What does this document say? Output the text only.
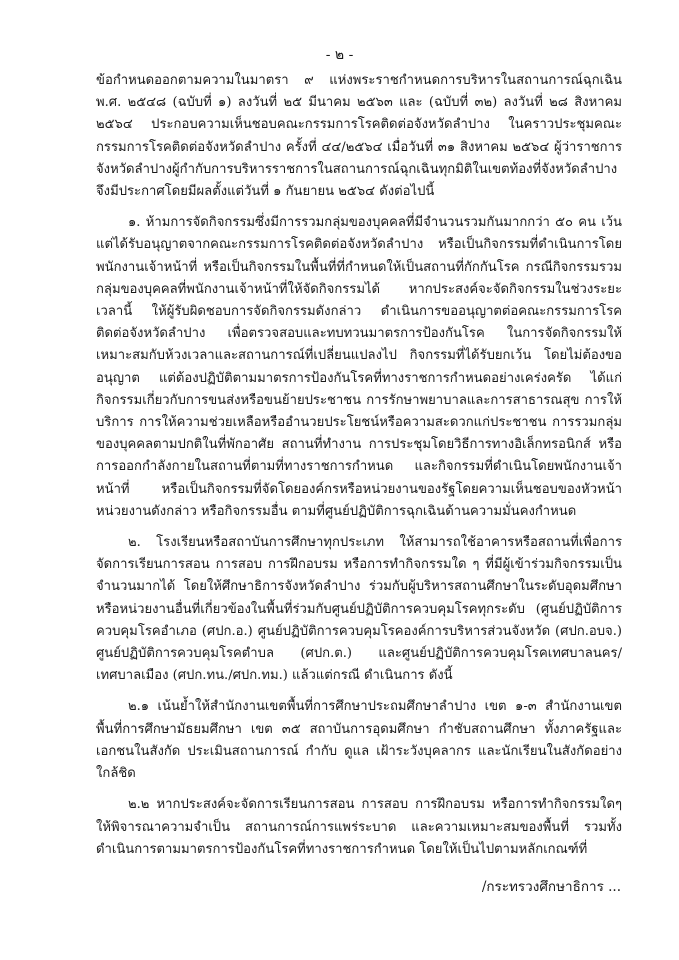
- ๒ -

ข้อกำหนดออกตามความในมาตรา ๙ แห่งพระราชกำหนดการบริหารในสถานการณ์ฉุกเฉิน พ.ศ. ๒๕๔๘ (ฉบับที่ ๑) ลงวันที่ ๒๕ มีนาคม ๒๕๖๓ และ (ฉบับที่ ๓๒) ลงวันที่ ๒๘ สิงหาคม ๒๕๖๔ ประกอบความเห็นชอบคณะกรรมการโรคติดต่อจังหวัดลำปาง ในคราวประชุมคณะกรรมการโรคติดต่อจังหวัดลำปาง ครั้งที่ ๔๔/๒๕๖๔ เมื่อวันที่ ๓๑ สิงหาคม ๒๕๖๔ ผู้ว่าราชการจังหวัดลำปางผู้กำกับการบริหารราชการในสถานการณ์ฉุกเฉินทุกมิติในเขตท้องที่จังหวัดลำปาง จึงมีประกาศโดยมีผลตั้งแต่วันที่ ๑ กันยายน ๒๕๖๔ ดังต่อไปนี้

๑. ห้ามการจัดกิจกรรมซึ่งมีการรวมกลุ่มของบุคคลที่มีจำนวนรวมกันมากกว่า ๕๐ คน เว้นแต่ได้รับอนุญาตจากคณะกรรมการโรคติดต่อจังหวัดลำปาง หรือเป็นกิจกรรมที่ดำเนินการโดยพนักงานเจ้าหน้าที่ หรือเป็นกิจกรรมในพื้นที่ที่กำหนดให้เป็นสถานที่กักกันโรค กรณีกิจกรรมรวมกลุ่มของบุคคลที่พนักงานเจ้าหน้าที่ให้จัดกิจกรรมได้ หากประสงค์จะจัดกิจกรรมในช่วงระยะเวลานี้ ให้ผู้รับผิดชอบการจัดกิจกรรมดังกล่าว ดำเนินการขออนุญาตต่อคณะกรรมการโรคติดต่อจังหวัดลำปาง เพื่อตรวจสอบและทบทวนมาตรการป้องกันโรค ในการจัดกิจกรรมให้เหมาะสมกับห้วงเวลาและสถานการณ์ที่เปลี่ยนแปลงไป กิจกรรมที่ได้รับยกเว้น โดยไม่ต้องขออนุญาต แต่ต้องปฏิบัติตามมาตรการป้องกันโรคที่ทางราชการกำหนดอย่างเคร่งครัด ได้แก่ กิจกรรมเกี่ยวกับการขนส่งหรือขนย้ายประชาชน การรักษาพยาบาลและการสาธารณสุข การให้บริการ การให้ความช่วยเหลือหรืออำนวยประโยชน์หรือความสะดวกแก่ประชาชน การรวมกลุ่มของบุคคลตามปกติในที่พักอาศัย สถานที่ทำงาน การประชุมโดยวิธีการทางอิเล็กทรอนิกส์ หรือการออกกำลังกายในสถานที่ตามที่ทางราชการกำหนด และกิจกรรมที่ดำเนินโดยพนักงานเจ้าหน้าที่ หรือเป็นกิจกรรมที่จัดโดยองค์กรหรือหน่วยงานของรัฐโดยความเห็นชอบของหัวหน้าหน่วยงานดังกล่าว หรือกิจกรรมอื่น ตามที่ศูนย์ปฏิบัติการฉุกเฉินด้านความมั่นคงกำหนด

๒. โรงเรียนหรือสถาบันการศึกษาทุกประเภท ให้สามารถใช้อาคารหรือสถานที่เพื่อการจัดการเรียนการสอน การสอบ การฝึกอบรม หรือการทำกิจกรรมใด ๆ ที่มีผู้เข้าร่วมกิจกรรมเป็นจำนวนมากได้ โดยให้ศึกษาธิการจังหวัดลำปาง ร่วมกับผู้บริหารสถานศึกษาในระดับอุดมศึกษา หรือหน่วยงานอื่นที่เกี่ยวข้องในพื้นที่ร่วมกับศูนย์ปฏิบัติการควบคุมโรคทุกระดับ (ศูนย์ปฏิบัติการควบคุมโรคอำเภอ (ศปก.อ.) ศูนย์ปฏิบัติการควบคุมโรคองค์การบริหารส่วนจังหวัด (ศปก.อบจ.) ศูนย์ปฏิบัติการควบคุมโรคตำบล (ศปก.ต.) และศูนย์ปฏิบัติการควบคุมโรคเทศบาลนคร/เทศบาลเมือง (ศปก.ทน./ศปก.ทม.) แล้วแต่กรณี ดำเนินการ ดังนี้

๒.๑ เน้นย้ำให้สำนักงานเขตพื้นที่การศึกษาประถมศึกษาลำปาง เขต ๑-๓ สำนักงานเขตพื้นที่การศึกษามัธยมศึกษา เขต ๓๕ สถาบันการอุดมศึกษา กำชับสถานศึกษา ทั้งภาครัฐและเอกชนในสังกัด ประเมินสถานการณ์ กำกับ ดูแล เฝ้าระวังบุคลากร และนักเรียนในสังกัดอย่างใกล้ชิด

๒.๒ หากประสงค์จะจัดการเรียนการสอน การสอบ การฝึกอบรม หรือการทำกิจกรรมใดๆ ให้พิจารณาความจำเป็น สถานการณ์การแพร่ระบาด และความเหมาะสมของพื้นที่ รวมทั้งดำเนินการตามมาตรการป้องกันโรคที่ทางราชการกำหนด โดยให้เป็นไปตามหลักเกณฑ์ที่

/กระทรวงศึกษาธิการ ...
